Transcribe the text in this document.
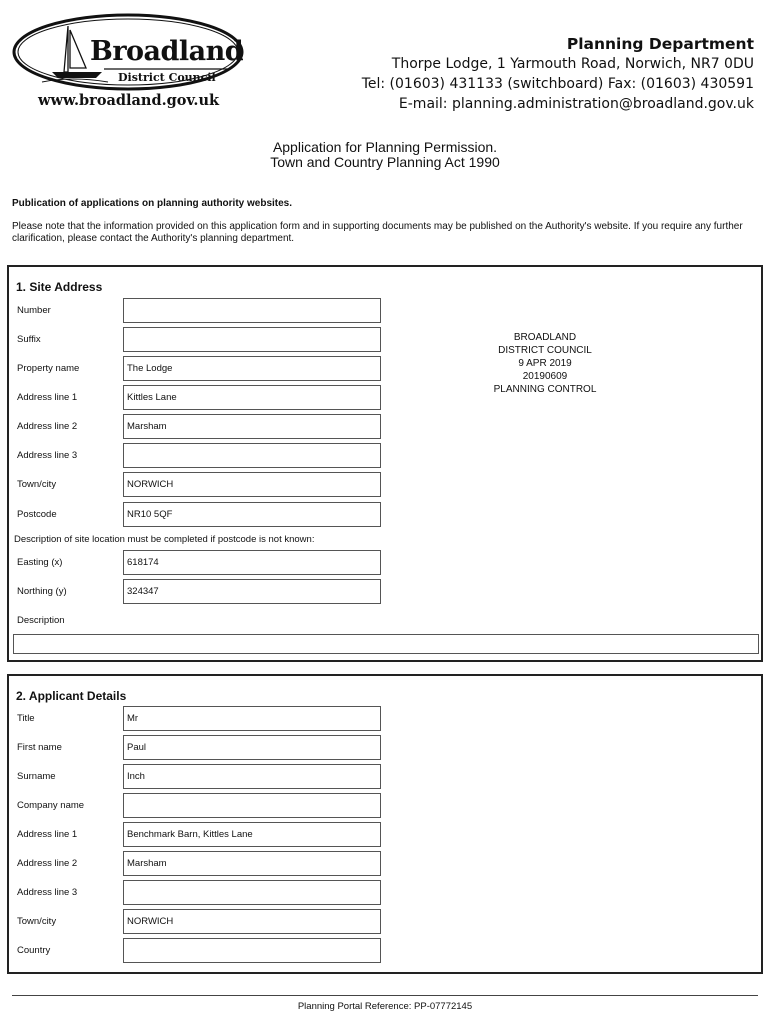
Broadland
District Council
www.broadland.gov.uk
Planning Department
Thorpe Lodge, 1 Yarmouth Road, Norwich, NR7 0DU
Tel: (01603) 431133 (switchboard) Fax: (01603) 430591
E-mail: planning.administration@broadland.gov.uk
Application for Planning Permission.
Town and Country Planning Act 1990
Publication of applications on planning authority websites.
Please note that the information provided on this application form and in supporting documents may be published on the Authority's website. If you require any further clarification, please contact the Authority's planning department.
1. Site Address
Number
Suffix
Property name	The Lodge
Address line 1	Kittles Lane
Address line 2	Marsham
Address line 3
Town/city	NORWICH
Postcode	NR10 5QF
Description of site location must be completed if postcode is not known:
Easting (x)	618174
Northing (y)	324347
Description
BROADLAND
DISTRICT COUNCIL
9 APR 2019
20190609
PLANNING CONTROL
2. Applicant Details
Title	Mr
First name	Paul
Surname	Inch
Company name
Address line 1	Benchmark Barn, Kittles Lane
Address line 2	Marsham
Address line 3
Town/city	NORWICH
Country
Planning Portal Reference: PP-07772145
